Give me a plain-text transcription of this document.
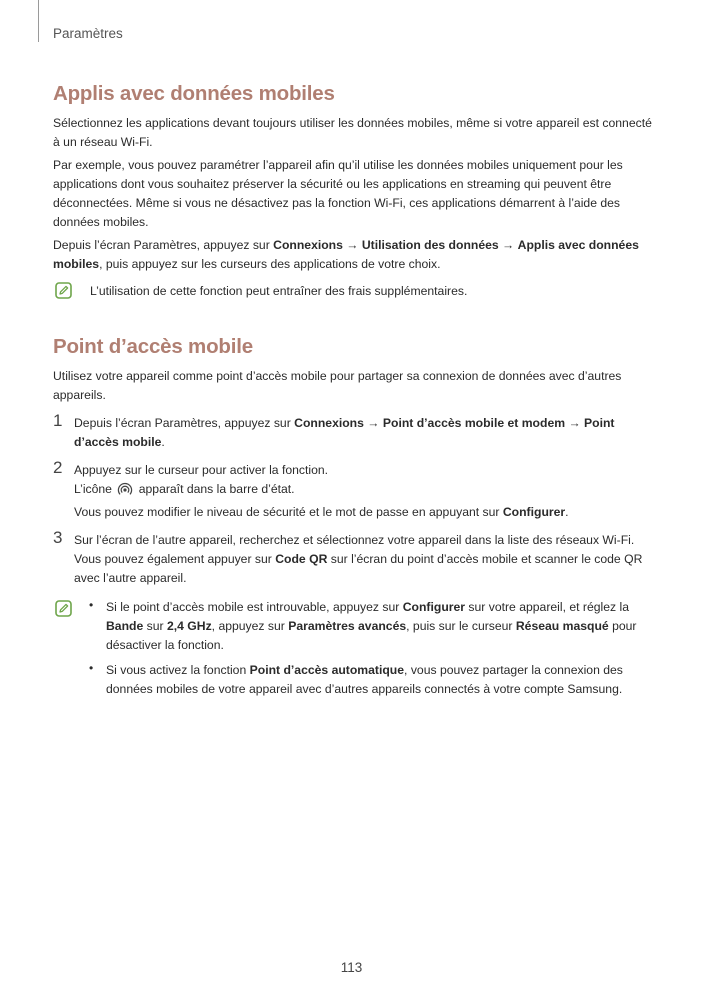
Paramètres
Applis avec données mobiles

Sélectionnez les applications devant toujours utiliser les données mobiles, même si votre appareil est connecté à un réseau Wi-Fi.

Par exemple, vous pouvez paramétrer l’appareil afin qu’il utilise les données mobiles uniquement pour les applications dont vous souhaitez préserver la sécurité ou les applications en streaming qui peuvent être déconnectées. Même si vous ne désactivez pas la fonction Wi-Fi, ces applications démarrent à l’aide des données mobiles.

Depuis l’écran Paramètres, appuyez sur Connexions → Utilisation des données → Applis avec données mobiles, puis appuyez sur les curseurs des applications de votre choix.

L’utilisation de cette fonction peut entraîner des frais supplémentaires.

Point d’accès mobile

Utilisez votre appareil comme point d’accès mobile pour partager sa connexion de données avec d’autres appareils.

1 Depuis l’écran Paramètres, appuyez sur Connexions → Point d’accès mobile et modem → Point d’accès mobile.

2 Appuyez sur le curseur pour activer la fonction.

L’icône apparaît dans la barre d’état.

Vous pouvez modifier le niveau de sécurité et le mot de passe en appuyant sur Configurer.

3 Sur l’écran de l’autre appareil, recherchez et sélectionnez votre appareil dans la liste des réseaux Wi-Fi.

Vous pouvez également appuyer sur Code QR sur l’écran du point d’accès mobile et scanner le code QR avec l’autre appareil.

• Si le point d’accès mobile est introuvable, appuyez sur Configurer sur votre appareil, et réglez la Bande sur 2,4 GHz, appuyez sur Paramètres avancés, puis sur le curseur Réseau masqué pour désactiver la fonction.

• Si vous activez la fonction Point d’accès automatique, vous pouvez partager la connexion des données mobiles de votre appareil avec d’autres appareils connectés à votre compte Samsung.

113
